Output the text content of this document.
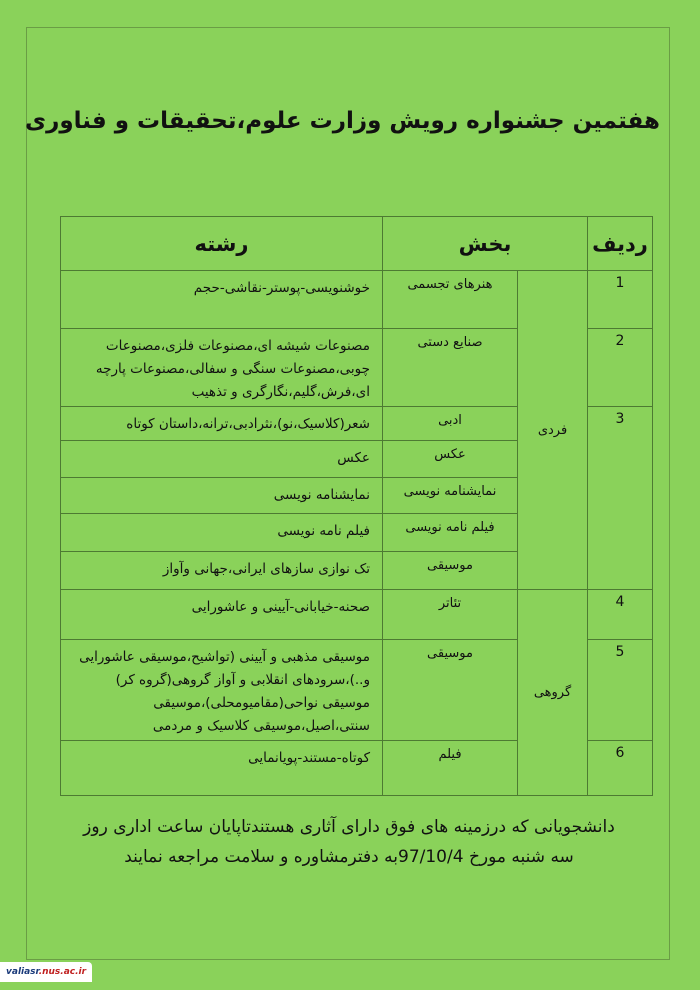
هفتمین جشنوارە رویش وزارت علوم،تحقیقات و فناوری
ردیف	بخش		رشته
1	فردی	هنرهای تجسمی	خوشنویسی-پوستر-نقاشی-حجم
2		صنایع دستی	مصنوعات شیشه ای،مصنوعات فلزی،مصنوعات چوبی،مصنوعات سنگی و سفالی،مصنوعات پارچه ای،فرش،گلیم،نگارگری و تذهیب
3		ادبی	شعر(کلاسیک،نو)،نثرادبی،ترانه،داستان کوتاه
		عکس	عکس
		نمایشنامه نویسی	نمایشنامه نویسی
		فیلم نامه نویسی	فیلم نامه نویسی
		موسیقی	تک نوازی سازهای ایرانی،جهانی وآواز
4	گروهی	تئاتر	صحنه-خیابانی-آیینی و عاشورایی
5		موسیقی	موسیقی مذهبی و آیینی (تواشیح،موسیقی عاشورایی و..)،سرودهای انقلابی و آواز گروهی(گروه کر) موسیقی نواحی(مقامیومحلی)،موسیقی سنتی،اصیل،موسیقی کلاسیک و مردمی
6		فیلم	کوتاه-مستند-پویانمایی
دانشجویانی که درزمینه های فوق دارای آثاری هستندتاپایان ساعت اداری روز
سه شنبه مورخ 97/10/4به دفترمشاورە و سلامت مراجعه نمایند
valiasr.nus.ac.ir
